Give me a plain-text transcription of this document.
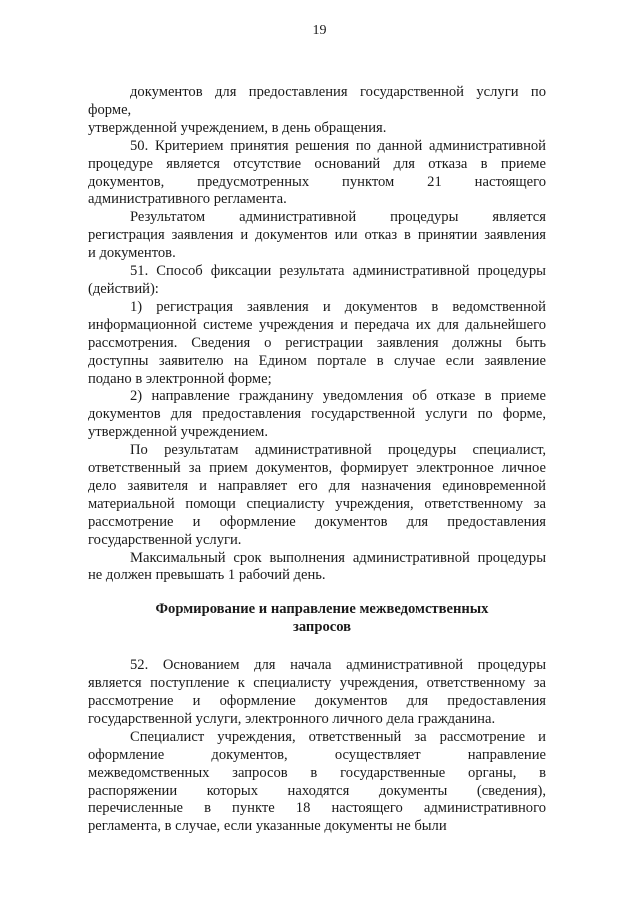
19

документов для предоставления государственной услуги по форме,

утвержденной учреждением, в день обращения.

50. Критерием принятия решения по данной административной

процедуре является отсутствие оснований для отказа в приеме

документов, предусмотренных пунктом 21 настоящего

административного регламента.

Результатом административной процедуры является

регистрация заявления и документов или отказ в принятии заявления

и документов.

51. Способ фиксации результата административной процедуры

(действий):

1) регистрация заявления и документов в ведомственной

информационной системе учреждения и передача их для дальнейшего

рассмотрения. Сведения о регистрации заявления должны быть

доступны заявителю на Едином портале в случае если заявление

подано в электронной форме;

2) направление гражданину уведомления об отказе в приеме

документов для предоставления государственной услуги по форме,

утвержденной учреждением.

По результатам административной процедуры специалист,

ответственный за прием документов, формирует электронное личное

дело заявителя и направляет его для назначения единовременной

материальной помощи специалисту учреждения, ответственному за

рассмотрение и оформление документов для предоставления

государственной услуги.

Максимальный срок выполнения административной процедуры

не должен превышать 1 рабочий день.

Формирование и направление межведомственных
запросов

52. Основанием для начала административной процедуры

является поступление к специалисту учреждения, ответственному за

рассмотрение и оформление документов для предоставления

государственной услуги, электронного личного дела гражданина.

Специалист учреждения, ответственный за рассмотрение и

оформление документов, осуществляет направление

межведомственных запросов в государственные органы, в

распоряжении которых находятся документы (сведения),

перечисленные в пункте 18 настоящего административного

регламента, в случае, если указанные документы не были
